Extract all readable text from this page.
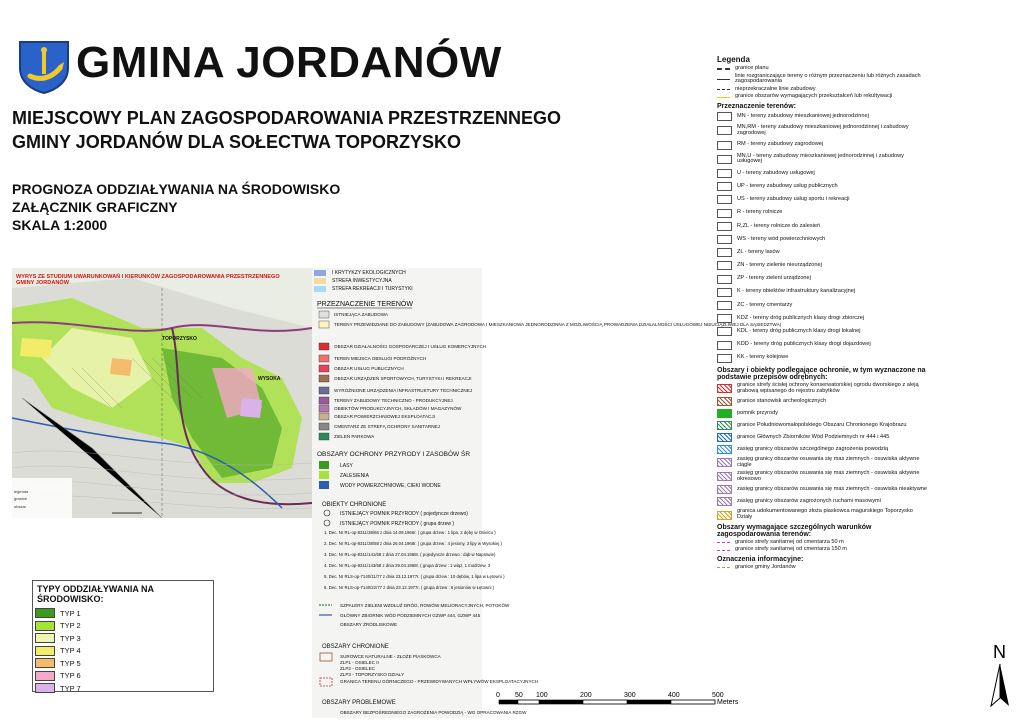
GMINA JORDANÓW
MIEJSCOWY PLAN ZAGOSPODAROWANIA PRZESTRZENNEGO
GMINY JORDANÓW DLA SOŁECTWA TOPORZYSKO
PROGNOZA ODDZIAŁYWANIA NA ŚRODOWISKO
ZAŁĄCZNIK GRAFICZNY
SKALA 1:2000
legenda
granice
obszar
WYRYS ZE STUDIUM UWARUNKOWAŃ I KIERUNKÓW ZAGOSPODAROWANIA PRZESTRZENNEGO
GMINY JORDANÓW
TOPORZYSKO
WYSOKA
I KRYTYKZY EKOLOGICZNYCH
STREFA INWESTYCYJNA
STREFA REKREACJI I TURYSTYKI
PRZEZNACZENIE TERENÓW
ISTNIEJĄCA ZABUDOWA
TERENY PRZEWIDZIANE DO ZABUDOWY (ZABUDOWA ZAGRODOWA I MIESZKANIOWA JEDNORODZINNA Z MOŻLIWOŚCIĄ PROWADZENIA DZIAŁALNOŚCI USŁUGOWEJ NIEUCIĄŻLIWEJ DLA SĄSIEDZTWA)
OBSZAR DZIAŁALNOŚCI GOSPODARCZEJ I USŁUG KOMERCYJNYCH
TEREN MIEJSCA OBSŁUGI PODRÓŻNYCH
OBSZAR USŁUG PUBLICZNYCH
OBSZAR URZĄDZEŃ SPORTOWYCH, TURYSTYKI I REKREACJI
WYRÓŻNIONE URZĄDZENIA INFRASTRUKTURY TECHNICZNEJ
TERENY ZABUDOWY TECHNICZNO - PRODUKCYJNEJ
OBIEKTÓW PRODUKCYJNYCH, SKŁADÓW I MAGAZYNÓW
OBSZAR POWIERZCHNIOWEJ EKSPLOATACJI
CMENTARZ ZE STREFĄ OCHRONY SANITARNEJ
ZIELEŃ PARKOWA
OBSZARY OCHRONY PRZYRODY I ZASOBÓW ŚR
LASY
ZALESIENIA
WODY POWIERZCHNIOWE, CIEKI WODNE
OBIEKTY CHRONIONE
ISTNIEJĄCY POMNIK PRZYRODY ( pojedyncze drzewo)
ISTNIEJĄCY POMNIK PRZYRODY ( grupa drzew )
1. Dec. Nr RL-op-8311/38/66 z dnia 14.09.1966r. ( grupa drzew : 1 lipa, 2 dęby w Osielcu )
2. Dec. Nr RL-op-8311/38/58 z dnia 26.04.1968r. ( grupa drzew : 4 jesiony, 3 lipy w Wysokiej )
3. Dec. Nr RL-op-8311/141/68 z dnia 27.04.1968r. ( pojedyncze drzewo : dąb w Naprawie)
4. Dec. Nr RL-op-8311/143/68 z dnia 29.04.1968r. ( grupa drzew : 1 wiąz, 1 modrzew, 3
5. Dec. Nr RLS-op-7140/11/77 z dnia 23.12.1977r. ( grupa drzew : 10 dębów, 1 lipa w Łętowni )
6. Dec. Nr RLS-op-7140/22/77 z dnia 23.12.1977r. ( grupa drzew : 6 jesionów w Łętowni )
SZPALERY ZIELENI WZDŁUŻ DRÓG, ROWÓW MELIORACYJNYCH, POTOKÓW
GŁÓWNY ZBIORNIK WÓD PODZIEMNYCH GZWP 444, GZWP 445
OBSZARY ŹRÓDLISKOWE
OBSZARY CHRONIONE
SUROWCE NATURALNE - ZŁOŻE PIASKOWCA
ZLP1 - OSIELEC II
ZLP2 - OSIELEC
ZLP3 - TOPORZYSKO DZIAŁY
GRANICA TERENU GÓRNICZEGO - PRZEWIDYWANYCH WPŁYWÓW EKSPLOATACYJNYCH
OBSZARY PROBLEMOWE
OBSZARY BEZPOŚREDNIEGO ZAGROŻENIA POWODZIĄ - WG OPRACOWANIA RZGW
TYPY ODDZIAŁYWANIA NA ŚRODOWISKO:
TYP 1
TYP 2
TYP 3
TYP 4
TYP 5
TYP 6
TYP 7
Legenda
granice planu
linie rozgraniczające tereny o różnym przeznaczeniu lub różnych zasadach zagospodarowania
nieprzekraczalne linie zabudowy
granice obszarów wymagających przekształceń lub rekultywacji
Przeznaczenie terenów:
MN - tereny zabudowy mieszkaniowej jednorodzinnej
MN,RM - tereny zabudowy mieszkaniowej jednorodzinnej i zabudowy zagrodowej
RM - tereny zabudowy zagrodowej
MN,U - tereny zabudowy mieszkaniowej jednorodzinnej i zabudowy usługowej
U - tereny zabudowy usługowej
UP - tereny zabudowy usług publicznych
US - tereny zabudowy usług sportu i rekreacji
R - tereny rolnicze
R,ZL - tereny rolnicze do zalesień
WS - tereny wód powierzchniowych
ZL - tereny lasów
ZN - tereny zielenie nieurządzonej
ZP - tereny zieleni urządzonej
K - tereny obiektów infrastruktury kanalizacyjnej
ZC - tereny cmentarzy
KDZ - tereny dróg publicznych klasy drogi zbiorczej
KDL - tereny dróg publicznych klasy drogi lokalnej
KDD - tereny dróg publicznych klasy drogi dojazdowej
KK - tereny kolejowe
Obszary i obiekty podlegające ochronie, w tym wyznaczone na podstawie przepisów odrębnych:
granice strefy ścisłej ochrony konserwatorskiej ogrodu dworskiego z aleją grabową wpisanego do rejestru zabytków
granice stanowisk archeologicznych
pomnik przyrody
granice Południowomałopolskiego Obszaru Chronionego Krajobrazu
granice Głównych Zbiorników Wód Podziemnych nr 444 i 445
zasięg granicy obszarów szczególnego zagrożenia powodzią
zasięg granicy obszarów osuwania się mas ziemnych - osuwiska aktywne ciągle
zasięg granicy obszarów osuwania się mas ziemnych - osuwiska aktywne okresowo
zasięg granicy obszarów osuwania się mas ziemnych - osuwiska nieaktywne
zasięg granicy obszarów zagrożonych ruchami masowymi
granica udokumentowanego złoża piaskowca magurskiego Toporzysko Działy
Obszary wymagające szczególnych warunków zagospodarowania terenów:
granice strefy sanitarnej od cmentarza 50 m
granice strefy sanitarnej od cmentarza 150 m
Oznaczenia informacyjne:
granice gminy Jordanów
0 50 100	200	300	400	500
Meters
N
